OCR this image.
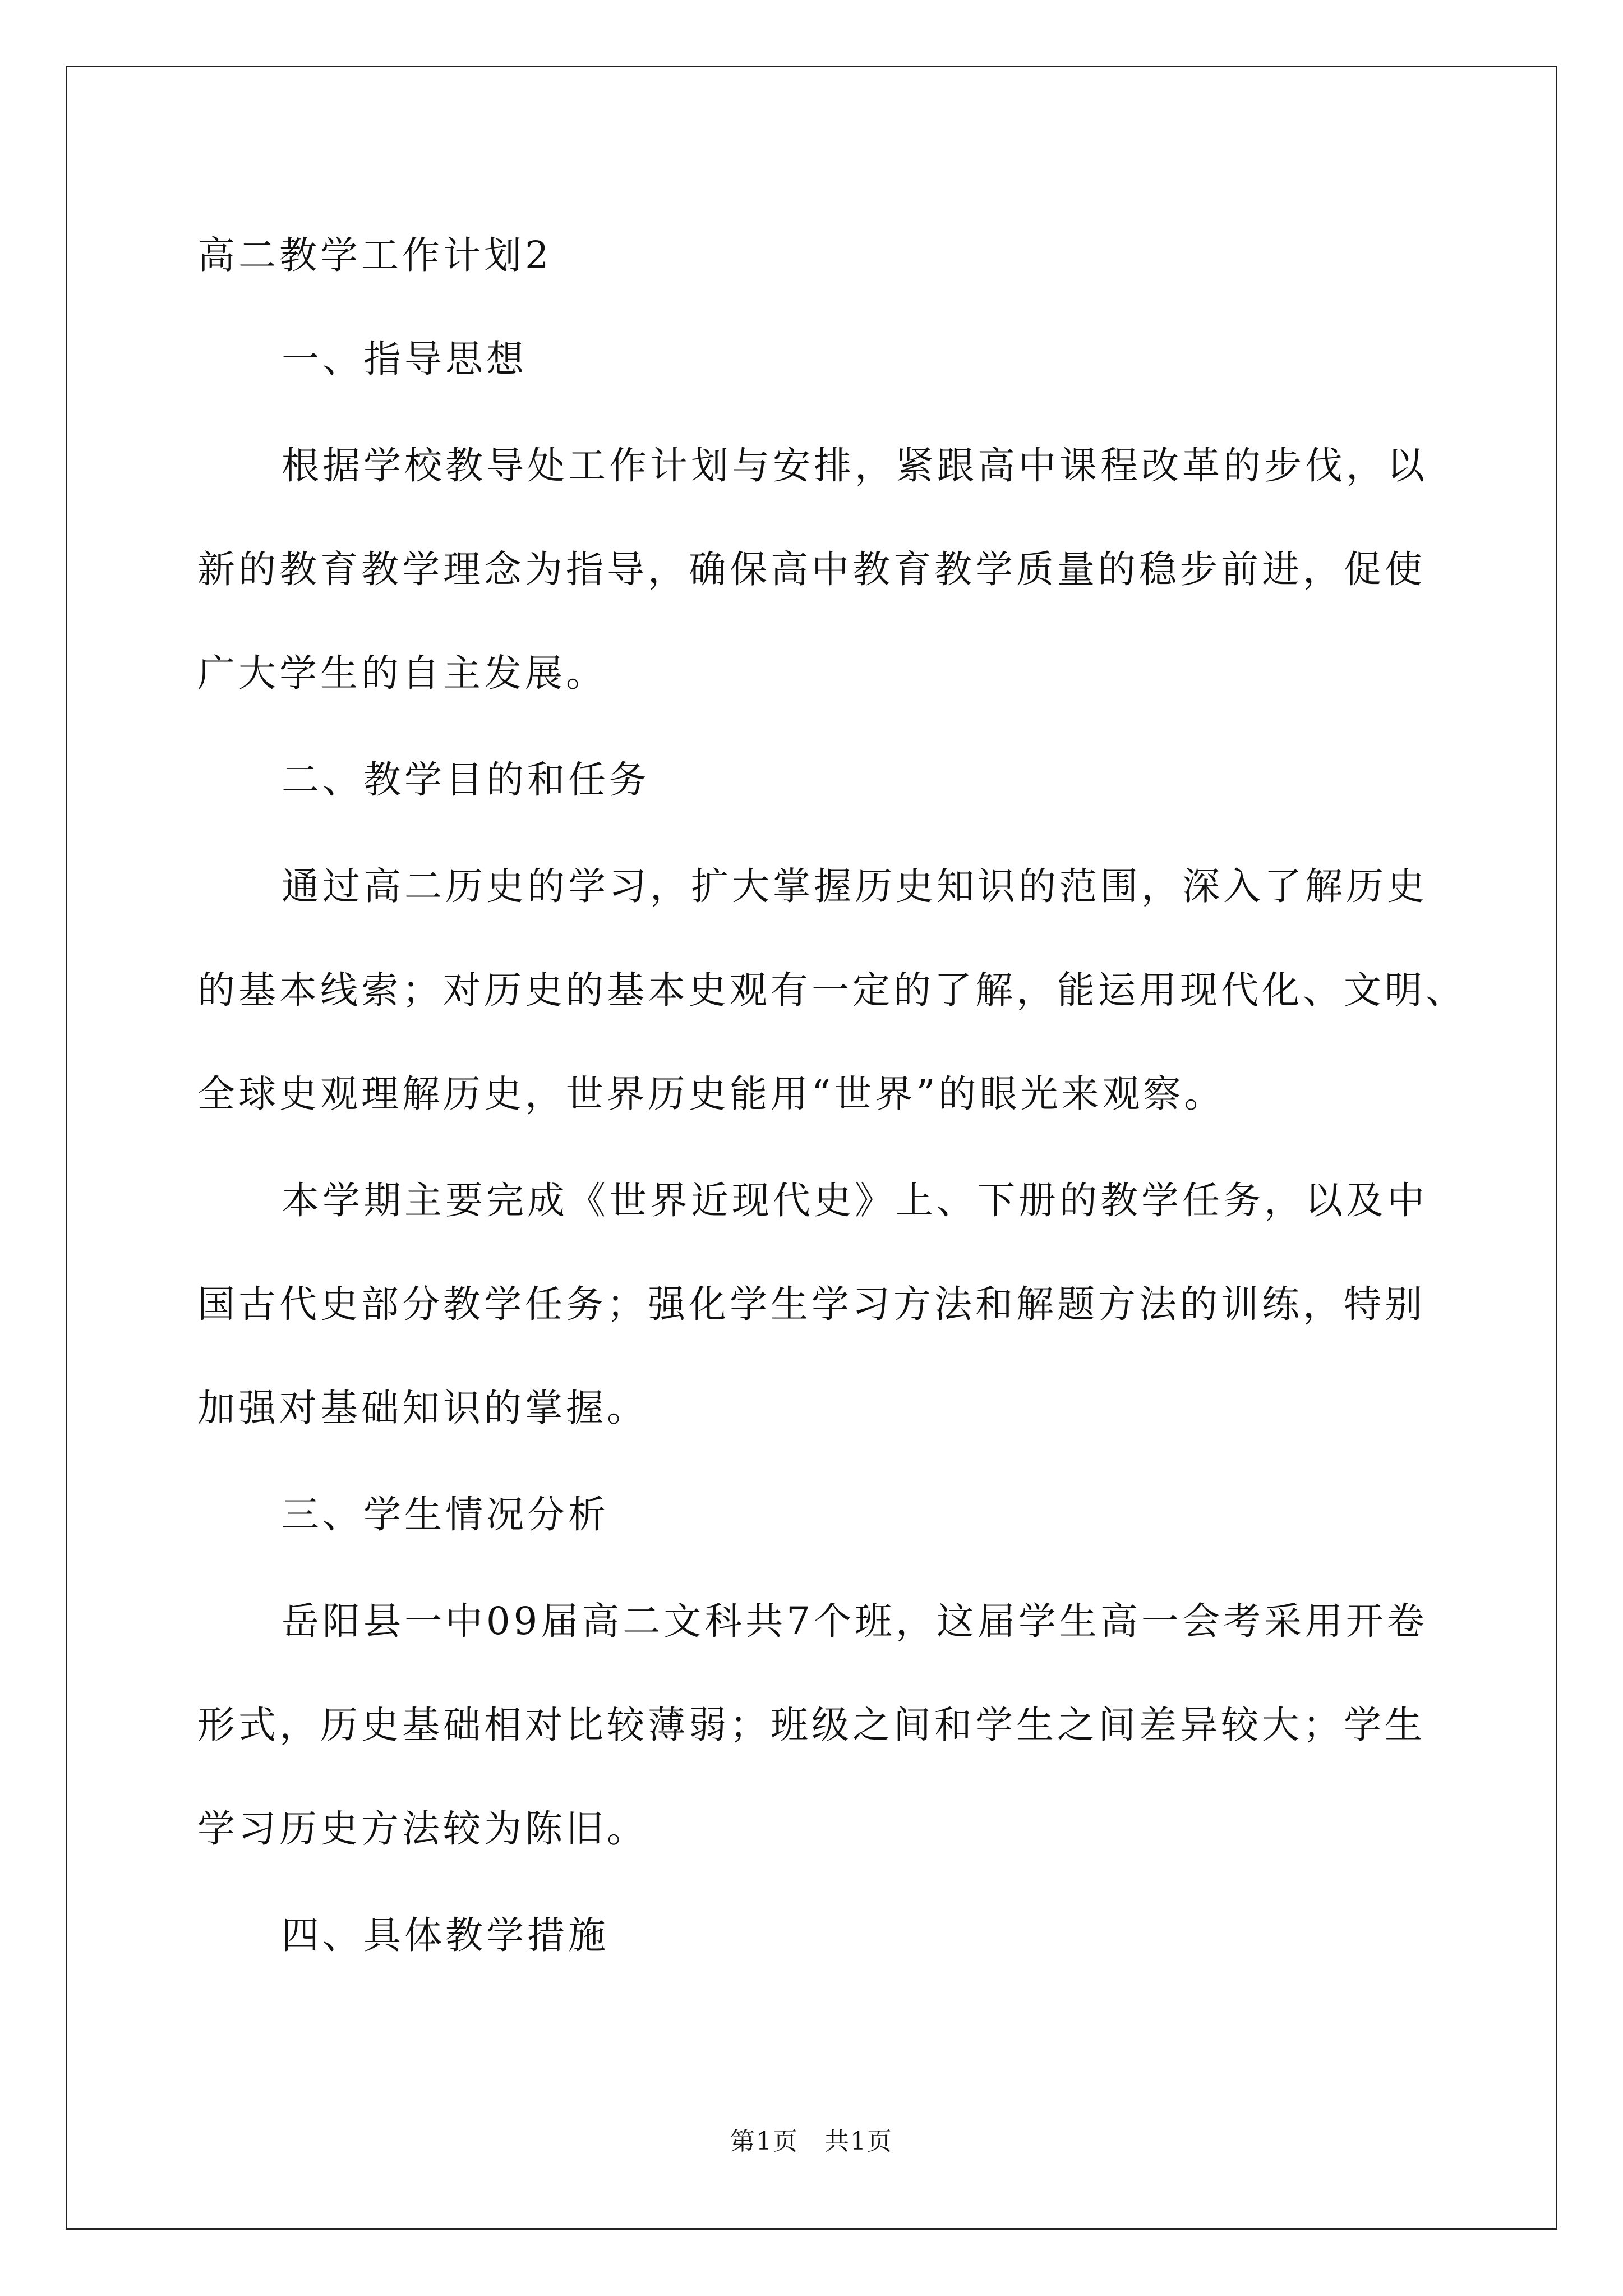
高二教学工作计划2
一、指导思想
根据学校教导处工作计划与安排，紧跟高中课程改革的步伐，以
新的教育教学理念为指导，确保高中教育教学质量的稳步前进，促使
广大学生的自主发展。
二、教学目的和任务
通过高二历史的学习，扩大掌握历史知识的范围，深入了解历史
的基本线索；对历史的基本史观有一定的了解，能运用现代化、文明、
全球史观理解历史，世界历史能用“世界”的眼光来观察。
本学期主要完成《世界近现代史》上、下册的教学任务，以及中
国古代史部分教学任务；强化学生学习方法和解题方法的训练，特别
加强对基础知识的掌握。
三、学生情况分析
岳阳县一中09届高二文科共7个班，这届学生高一会考采用开卷
形式，历史基础相对比较薄弱；班级之间和学生之间差异较大；学生
学习历史方法较为陈旧。
四、具体教学措施
第1页　共1页
